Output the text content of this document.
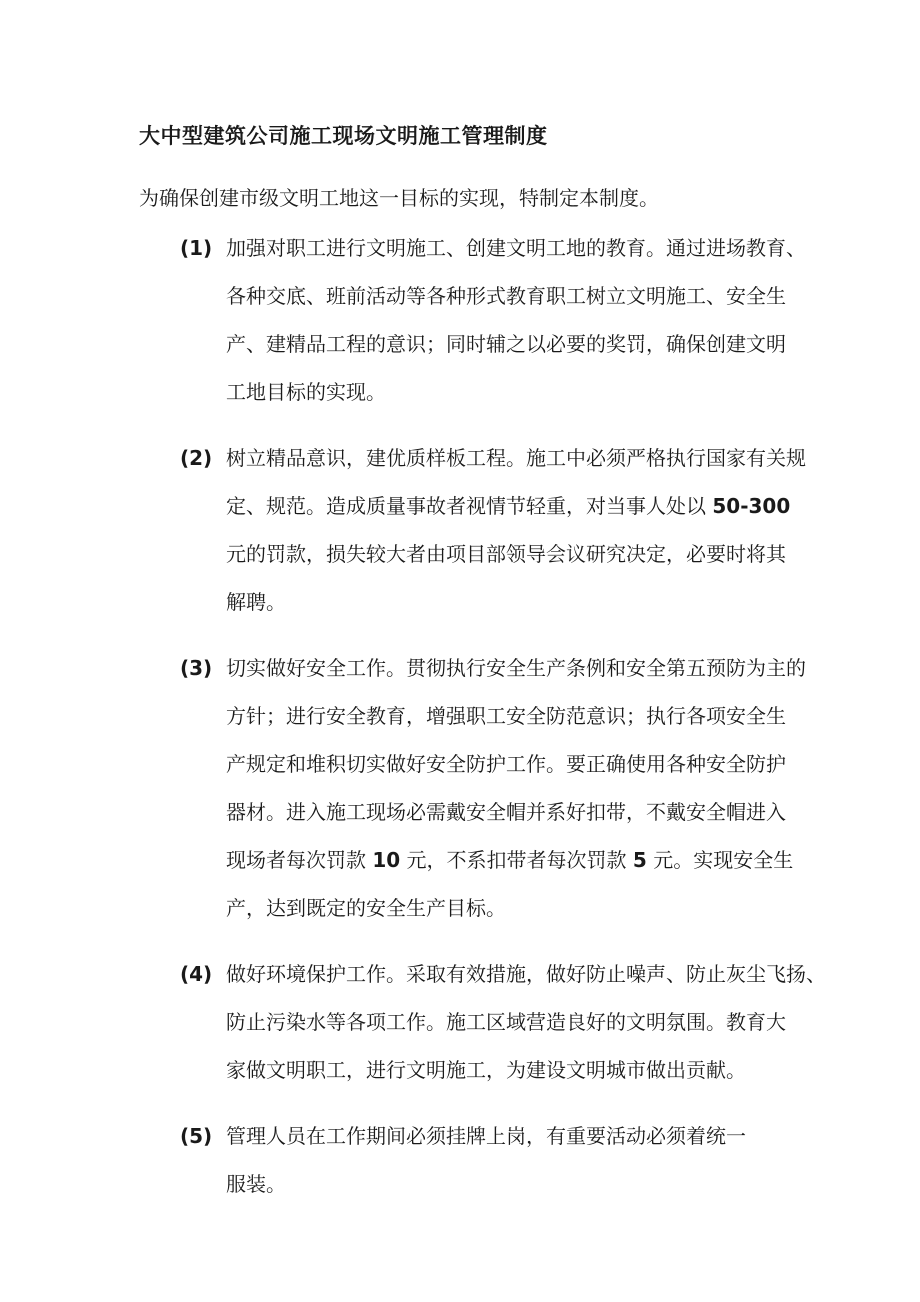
大中型建筑公司施工现场文明施工管理制度
为确保创建市级文明工地这一目标的实现，特制定本制度。
(1) 加强对职工进行文明施工、创建文明工地的教育。通过进场教育、
各种交底、班前活动等各种形式教育职工树立文明施工、安全生
产、建精品工程的意识；同时辅之以必要的奖罚，确保创建文明
工地目标的实现。
(2) 树立精品意识，建优质样板工程。施工中必须严格执行国家有关规
定、规范。造成质量事故者视情节轻重，对当事人处以 50-300
元的罚款，损失较大者由项目部领导会议研究决定，必要时将其
解聘。
(3) 切实做好安全工作。贯彻执行安全生产条例和安全第五预防为主的
方针；进行安全教育，增强职工安全防范意识；执行各项安全生
产规定和堆积切实做好安全防护工作。要正确使用各种安全防护
器材。进入施工现场必需戴安全帽并系好扣带，不戴安全帽进入
现场者每次罚款 10 元，不系扣带者每次罚款 5 元。实现安全生
产，达到既定的安全生产目标。
(4) 做好环境保护工作。采取有效措施，做好防止噪声、防止灰尘飞扬、
防止污染水等各项工作。施工区域营造良好的文明氛围。教育大
家做文明职工，进行文明施工，为建设文明城市做出贡献。
(5) 管理人员在工作期间必须挂牌上岗，有重要活动必须着统一
服装。
